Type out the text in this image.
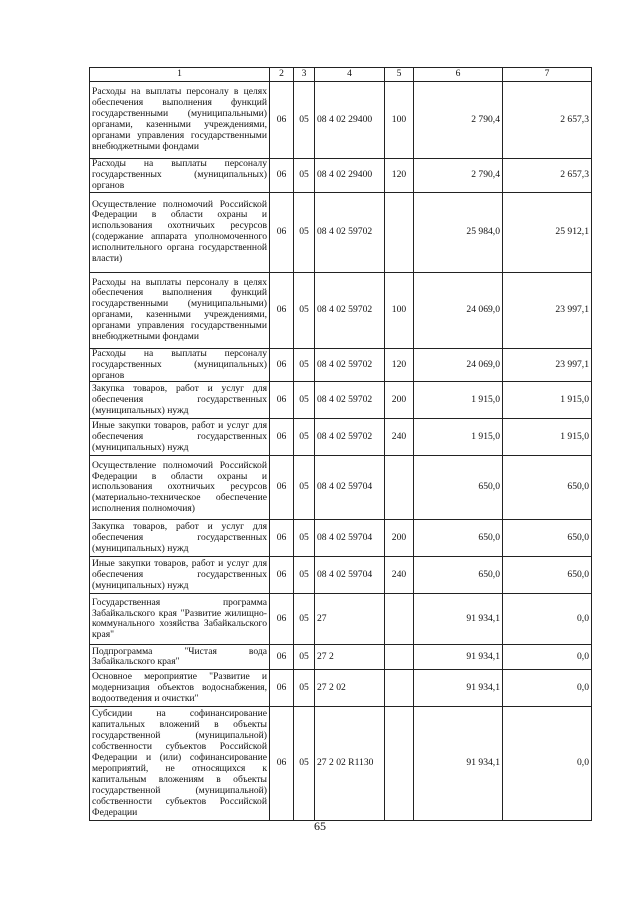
1	2	3	4	5	6	7
Расходы на выплаты персоналу в целях обеспечения выполнения функций государственными (муниципальными) органами, казенными учреждениями, органами управления государственными внебюджетными фондами	06	05	08 4 02 29400	100	2 790,4	2 657,3
Расходы на выплаты персоналу государственных (муниципальных) органов	06	05	08 4 02 29400	120	2 790,4	2 657,3
Осуществление полномочий Российской Федерации в области охраны и использования охотничьих ресурсов (содержание аппарата уполномоченного исполнительного органа государственной власти)	06	05	08 4 02 59702		25 984,0	25 912,1
Расходы на выплаты персоналу в целях обеспечения выполнения функций государственными (муниципальными) органами, казенными учреждениями, органами управления государственными внебюджетными фондами	06	05	08 4 02 59702	100	24 069,0	23 997,1
Расходы на выплаты персоналу государственных (муниципальных) органов	06	05	08 4 02 59702	120	24 069,0	23 997,1
Закупка товаров, работ и услуг для обеспечения государственных (муниципальных) нужд	06	05	08 4 02 59702	200	1 915,0	1 915,0
Иные закупки товаров, работ и услуг для обеспечения государственных (муниципальных) нужд	06	05	08 4 02 59702	240	1 915,0	1 915,0
Осуществление полномочий Российской Федерации в области охраны и использования охотничьих ресурсов (материально-техническое обеспечение исполнения полномочия)	06	05	08 4 02 59704		650,0	650,0
Закупка товаров, работ и услуг для обеспечения государственных (муниципальных) нужд	06	05	08 4 02 59704	200	650,0	650,0
Иные закупки товаров, работ и услуг для обеспечения государственных (муниципальных) нужд	06	05	08 4 02 59704	240	650,0	650,0
Государственная программа Забайкальского края "Развитие жилищно-коммунального хозяйства Забайкальского края"	06	05	27		91 934,1	0,0
Подпрограмма "Чистая вода Забайкальского края"	06	05	27 2		91 934,1	0,0
Основное мероприятие "Развитие и модернизация объектов водоснабжения, водоотведения и очистки"	06	05	27 2 02		91 934,1	0,0
Субсидии на софинансирование капитальных вложений в объекты государственной (муниципальной) собственности субъектов Российской Федерации и (или) софинансирование мероприятий, не относящихся к капитальным вложениям в объекты государственной (муниципальной) собственности субъектов Российской Федерации	06	05	27 2 02 R1130		91 934,1	0,0
65
